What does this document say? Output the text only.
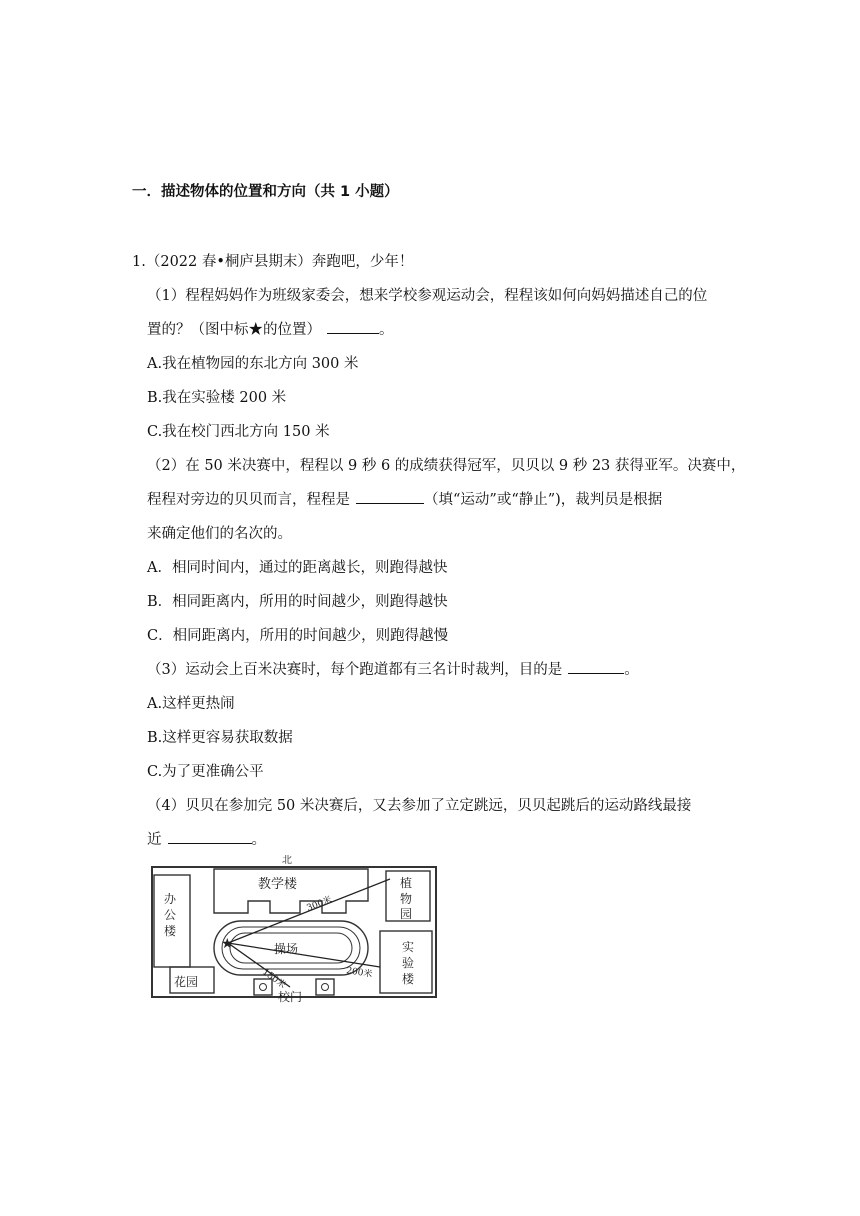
一．描述物体的位置和方向（共 1 小题）
1.（2022 春•桐庐县期末）奔跑吧，少年！
（1）程程妈妈作为班级家委会，想来学校参观运动会，程程该如何向妈妈描述自己的位
置的？（图中标★的位置）	。
A.我在植物园的东北方向 300 米
B.我在实验楼 200 米
C.我在校门西北方向 150 米
（2）在 50 米决赛中，程程以 9 秒 6 的成绩获得冠军，贝贝以 9 秒 23 获得亚军。决赛中，
程程对旁边的贝贝而言，程程是	（填“运动”或“静止”)，裁判员是根据
来确定他们的名次的。
A．相同时间内，通过的距离越长，则跑得越快
B．相同距离内，所用的时间越少，则跑得越快
C．相同距离内，所用的时间越少，则跑得越慢
（3）运动会上百米决赛时，每个跑道都有三名计时裁判，目的是	。
A.这样更热闹
B.这样更容易获取数据
C.为了更准确公平
（4）贝贝在参加完 50 米决赛后，又去参加了立定跳远，贝贝起跳后的运动路线最接
近	。
北
教学楼
办
公
楼
植
物
园
实
验
楼
操场
花园
校门
300米
200米
150米
★
